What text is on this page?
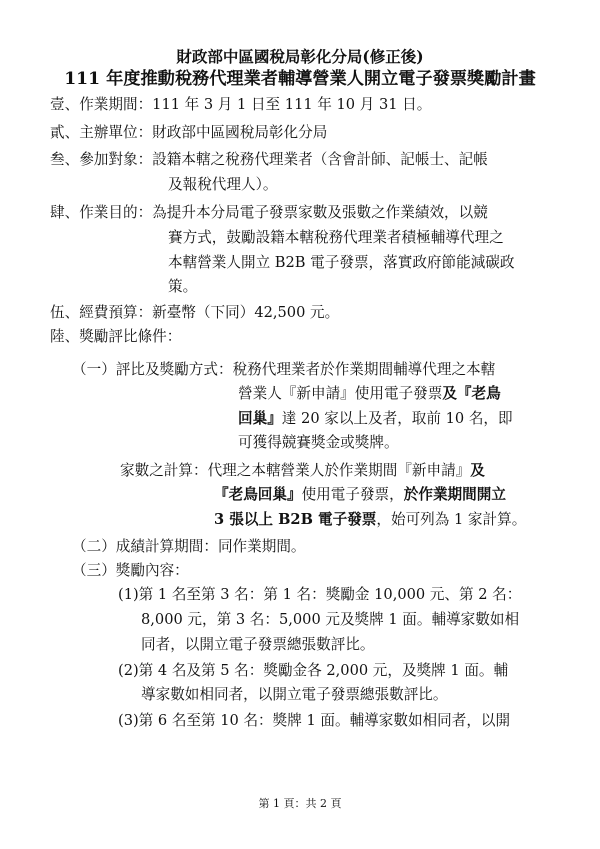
財政部中區國稅局彰化分局(修正後)
111 年度推動稅務代理業者輔導營業人開立電子發票獎勵計畫
壹、作業期間：111 年 3 月 1 日至 111 年 10 月 31 日。
貳、主辦單位：財政部中區國稅局彰化分局
叁、參加對象：設籍本轄之稅務代理業者（含會計師、記帳士、記帳
及報稅代理人）。
肆、作業目的：為提升本分局電子發票家數及張數之作業績效，以競
賽方式，鼓勵設籍本轄稅務代理業者積極輔導代理之
本轄營業人開立 B2B 電子發票，落實政府節能減碳政
策。
伍、經費預算：新臺幣（下同）42,500 元。
陸、獎勵評比條件：
（一）評比及獎勵方式：稅務代理業者於作業期間輔導代理之本轄
營業人『新申請』使用電子發票及『老鳥
回巢』達 20 家以上及者，取前 10 名，即
可獲得競賽獎金或獎牌。
家數之計算：代理之本轄營業人於作業期間『新申請』及
『老鳥回巢』使用電子發票，於作業期間開立
3 張以上 B2B 電子發票，始可列為 1 家計算。
（二）成績計算期間：同作業期間。
（三）獎勵內容：
(1)第 1 名至第 3 名：第 1 名：獎勵金 10,000 元、第 2 名：
8,000 元，第 3 名：5,000 元及獎牌 1 面。輔導家數如相
同者，以開立電子發票總張數評比。
(2)第 4 名及第 5 名：獎勵金各 2,000 元，及獎牌 1 面。輔
導家數如相同者，以開立電子發票總張數評比。
(3)第 6 名至第 10 名：獎牌 1 面。輔導家數如相同者，以開
第 1 頁：共 2 頁
